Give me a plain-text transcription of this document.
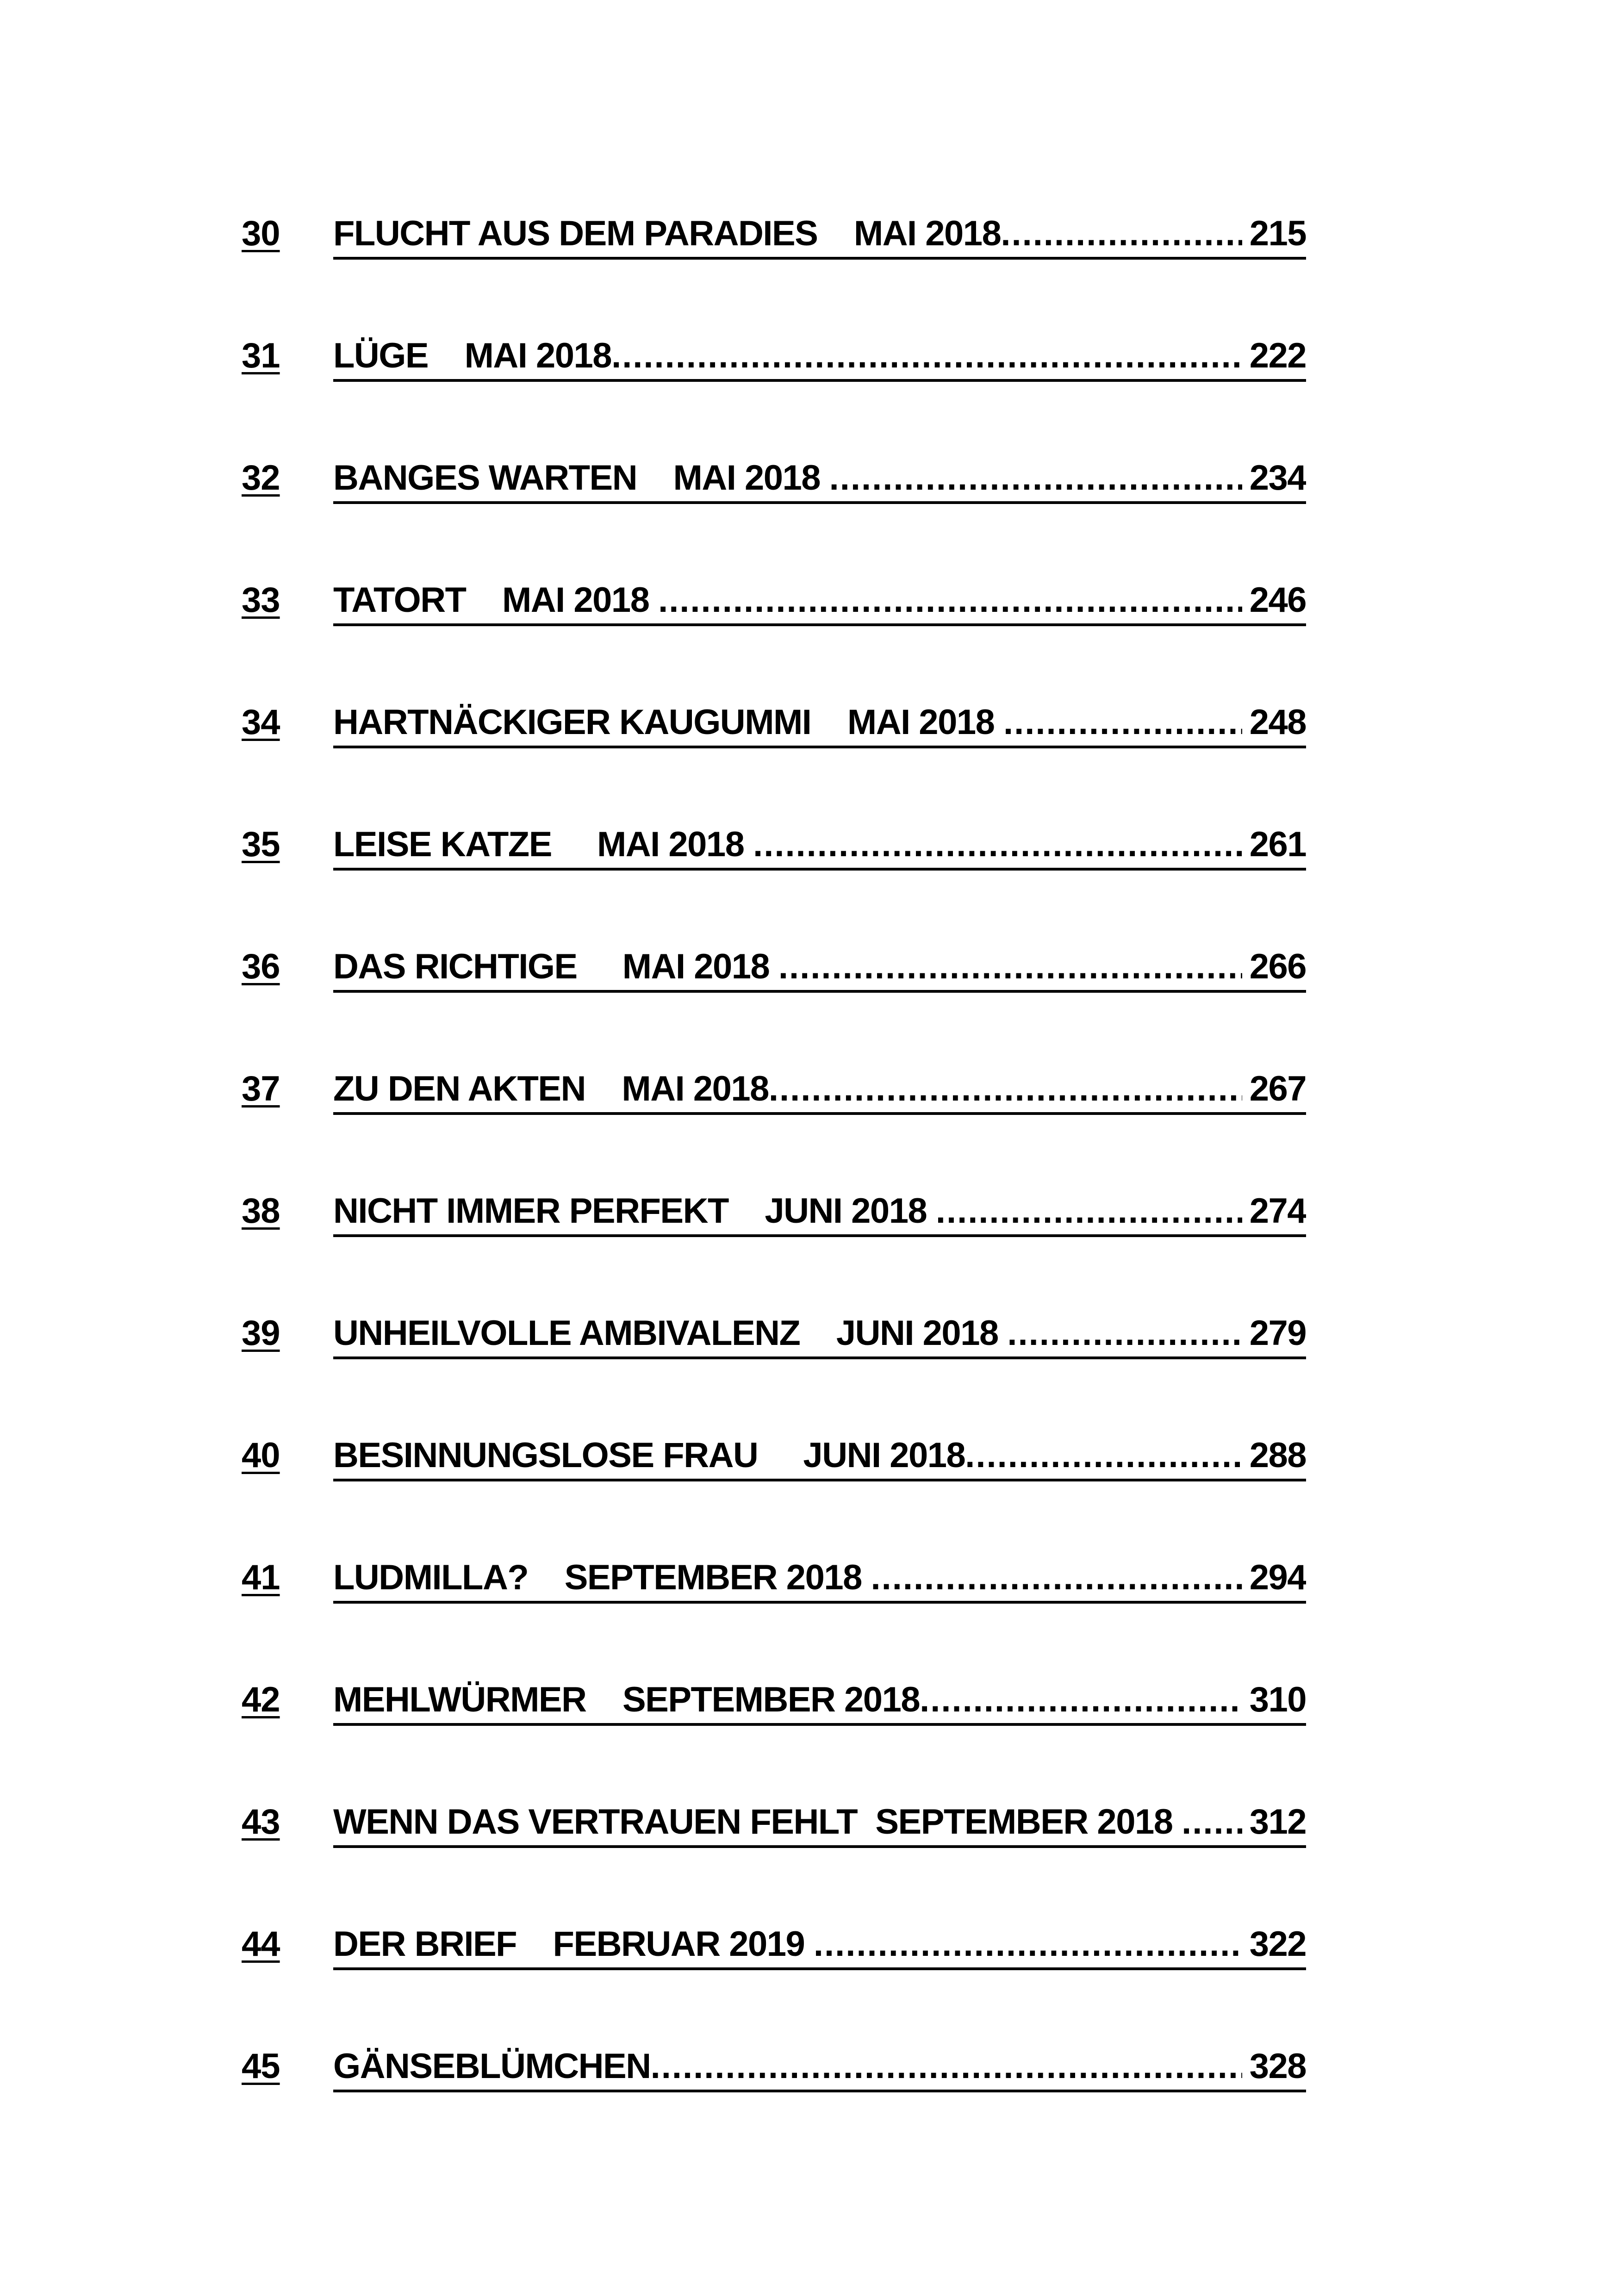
30	FLUCHT AUS DEM PARADIES    MAI 2018 .....	215
31	LÜGE    MAI 2018 .....	222
32	BANGES WARTEN    MAI 2018 .....	234
33	TATORT    MAI 2018 .....	246
34	HARTNÄCKIGER KAUGUMMI    MAI 2018 .....	248
35	LEISE KATZE     MAI 2018 .....	261
36	DAS RICHTIGE     MAI 2018 .....	266
37	ZU DEN AKTEN    MAI 2018 .....	267
38	NICHT IMMER PERFEKT    JUNI 2018 .....	274
39	UNHEILVOLLE AMBIVALENZ    JUNI 2018 .....	279
40	BESINNUNGSLOSE FRAU     JUNI 2018 .....	288
41	LUDMILLA?    SEPTEMBER 2018 .....	294
42	MEHLWÜRMER    SEPTEMBER 2018 .....	310
43	WENN DAS VERTRAUEN FEHLT  SEPTEMBER 2018 ..... 312
44	DER BRIEF    FEBRUAR 2019 .....	322
45	GÄNSEBLÜMCHEN .....	328
